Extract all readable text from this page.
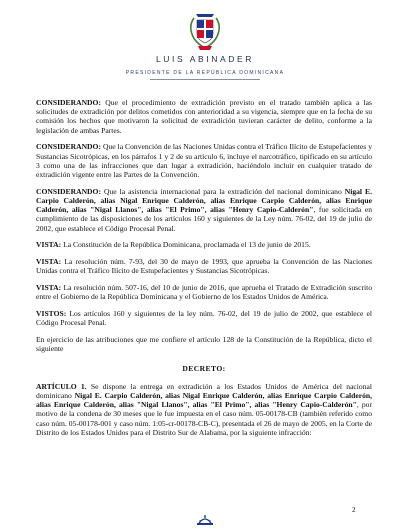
LUIS ABINADER
PRESIDENTE DE LA REPÚBLICA DOMINICANA

CONSIDERANDO: Que el procedimiento de extradición previsto en el tratado también aplica a las solicitudes de extradición por delitos cometidos con anterioridad a su vigencia, siempre que en la fecha de su comisión los hechos que motivaron la solicitud de extradición tuvieran carácter de delito, conforme a la legislación de ambas Partes.

CONSIDERANDO: Que la Convención de las Naciones Unidas contra el Tráfico Ilícito de Estupefacientes y Sustancias Sicotrópicas, en los párrafos 1 y 2 de su artículo 6, incluye el narcotráfico, tipificado en su artículo 3 como una de las infracciones que dan lugar a extradición, haciéndolo incluir en cualquier tratado de extradición vigente entre las Partes de la Convención.

CONSIDERANDO: Que la asistencia internacional para la extradición del nacional dominicano Nigal E. Carpio Calderón, alias Nigal Enrique Calderón, alias Enrique Carpio Calderón, alias Enrique Calderón, alias "Nigal Llanos", alias "El Primo", alias "Henry Capio-Calderón", fue solicitada en cumplimiento de las disposiciones de los artículos 160 y siguientes de la Ley núm. 76-02, del 19 de julio de 2002, que establece el Código Procesal Penal.

VISTA: La Constitución de la República Dominicana, proclamada el 13 de junio de 2015.

VISTA: La resolución núm. 7-93, del 30 de mayo de 1993, que aprueba la Convención de las Naciones Unidas contra el Tráfico Ilícito de Estupefacientes y Sustancias Sicotrópicas.

VISTA: La resolución núm. 507-16, del 10 de junio de 2016, que aprueba el Tratado de Extradición suscrito entre el Gobierno de la República Dominicana y el Gobierno de los Estados Unidos de América.

VISTOS: Los artículos 160 y siguientes de la ley núm. 76-02, del 19 de julio de 2002, que establece el Código Procesal Penal.

En ejercicio de las atribuciones que me confiere el artículo 128 de la Constitución de la República, dicto el siguiente

DECRETO:

ARTÍCULO 1. Se dispone la entrega en extradición a los Estados Unidos de América del nacional dominicano Nigal E. Carpio Calderón, alias Nigal Enrique Calderón, alias Enrique Carpio Calderón, alias Enrique Calderón, alias "Nigal Llanos", alias "El Primo", alias "Henry Capio-Calderón", por motivo de la condena de 30 meses que le fue impuesta en el caso núm. 05-00178-CB (también referido como caso núm. 05-00178-001 y caso núm. 1:05-cr-00178-CB-C), presentada el 26 de mayo de 2005, en la Corte de Distrito de los Estados Unidos para el Distrito Sur de Alabama, por la siguiente infracción:

2
